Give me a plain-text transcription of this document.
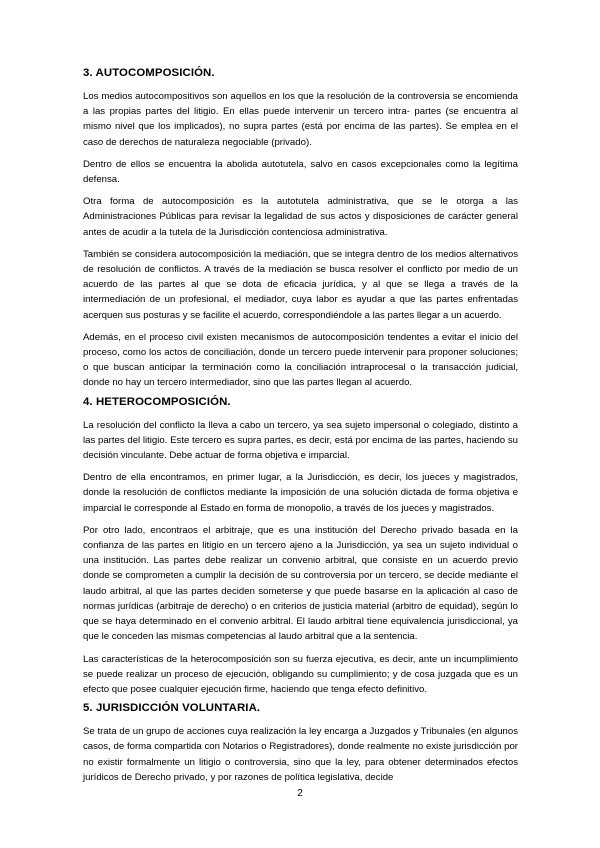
3. AUTOCOMPOSICIÓN.

Los medios autocompositivos son aquellos en los que la resolución de la controversia se encomienda a las propias partes del litigio. En ellas puede intervenir un tercero intra- partes (se encuentra al mismo nivel que los implicados), no supra partes (está por encima de las partes). Se emplea en el caso de derechos de naturaleza negociable (privado).

Dentro de ellos se encuentra la abolida autotutela, salvo en casos excepcionales como la legítima defensa.

Otra forma de autocomposición es la autotutela administrativa, que se le otorga a las Administraciones Públicas para revisar la legalidad de sus actos y disposiciones de carácter general antes de acudir a la tutela de la Jurisdicción contenciosa administrativa.

También se considera autocomposición la mediación, que se integra dentro de los medios alternativos de resolución de conflictos. A través de la mediación se busca resolver el conflicto por medio de un acuerdo de las partes al que se dota de eficacia jurídica, y al que se llega a través de la intermediación de un profesional, el mediador, cuya labor es ayudar a que las partes enfrentadas acerquen sus posturas y se facilite el acuerdo, correspondiéndole a las partes llegar a un acuerdo.

Además, en el proceso civil existen mecanismos de autocomposición tendentes a evitar el inicio del proceso, como los actos de conciliación, donde un tercero puede intervenir para proponer soluciones; o que buscan anticipar la terminación como la conciliación intraprocesal o la transacción judicial, donde no hay un tercero intermediador, sino que las partes llegan al acuerdo.

4. HETEROCOMPOSICIÓN.

La resolución del conflicto la lleva a cabo un tercero, ya sea sujeto impersonal o colegiado, distinto a las partes del litigio. Este tercero es supra partes, es decir, está por encima de las partes, haciendo su decisión vinculante. Debe actuar de forma objetiva e imparcial.

Dentro de ella encontramos, en primer lugar, a la Jurisdicción, es decir, los jueces y magistrados, donde la resolución de conflictos mediante la imposición de una solución dictada de forma objetiva e imparcial le corresponde al Estado en forma de monopolio, a través de los jueces y magistrados.

Por otro lado, encontraos el arbitraje, que es una institución del Derecho privado basada en la confianza de las partes en litigio en un tercero ajeno a la Jurisdicción, ya sea un sujeto individual o una institución. Las partes debe realizar un convenio arbitral, que consiste en un acuerdo previo donde se comprometen a cumplir la decisión de su controversia por un tercero, se decide mediante el laudo arbitral, al que las partes deciden someterse y que puede basarse en la aplicación al caso de normas jurídicas (arbitraje de derecho) o en criterios de justicia material (arbitro de equidad), según lo que se haya determinado en el convenio arbitral. El laudo arbitral tiene equivalencia jurisdiccional, ya que le conceden las mismas competencias al laudo arbitral que a la sentencia.

Las características de la heterocomposición son su fuerza ejecutiva, es decir, ante un incumplimiento se puede realizar un proceso de ejecución, obligando su cumplimiento; y de cosa juzgada que es un efecto que posee cualquier ejecución firme, haciendo que tenga efecto definitivo.

5. JURISDICCIÓN VOLUNTARIA.

Se trata de un grupo de acciones cuya realización la ley encarga a Juzgados y Tribunales (en algunos casos, de forma compartida con Notarios o Registradores), donde realmente no existe jurisdicción por no existir formalmente un litigio o controversia, sino que la ley, para obtener determinados efectos jurídicos de Derecho privado, y por razones de política legislativa, decide

2
